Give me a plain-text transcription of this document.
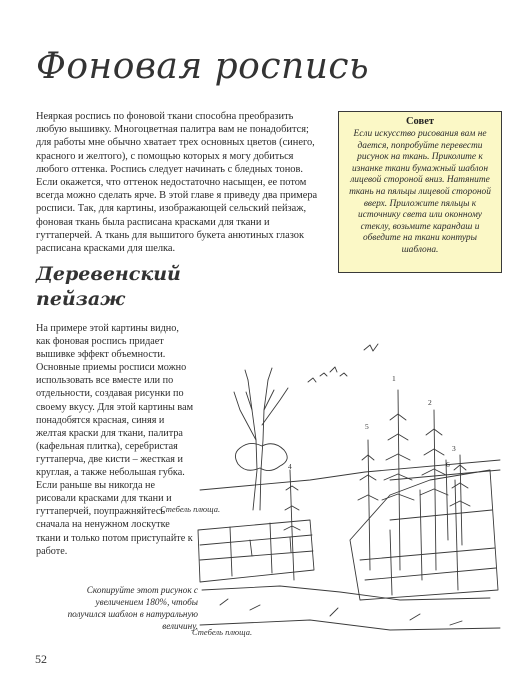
Фоновая роспись

Неяркая роспись по фоновой ткани способна преобразить любую вышивку. Многоцветная палитра вам не понадобится; для работы мне обычно хватает трех основных цветов (синего, красного и желтого), с помощью которых я могу добиться любого оттенка. Роспись следует начинать с бледных тонов. Если окажется, что оттенок недостаточно насыщен, ее потом всегда можно сделать ярче. В этой главе я приведу два примера росписи. Так, для картины, изображающей сельский пейзаж, фоновая ткань была расписана красками для ткани и гуттаперчей. А ткань для вышитого букета анютиных глазок расписана красками для шелка.

Совет

Если искусство рисования вам не дается, попробуйте перевести рисунок на ткань. Приколите к изнанке ткани бумажный шаблон лицевой стороной вниз. Натяните ткань на пяльцы лицевой стороной вверх. Приложите пяльцы к источнику света или оконному стеклу, возьмите карандаш и обведите на ткани контуры шаблона.

Деревенский пейзаж

На примере этой картины видно, как фоновая роспись придает вышивке эффект объемности. Основные приемы росписи можно использовать все вместе или по отдельности, создавая рисунки по своему вкусу. Для этой картины вам понадобятся красная, синяя и желтая краски для ткани, палитра (кафельная плитка), серебристая гуттаперча, две кисти – жесткая и круглая, а также небольшая губка. Если раньше вы никогда не рисовали красками для ткани и гуттаперчей, поупражняйтесь сначала на ненужном лоскутке ткани и только потом приступайте к работе.

Скопируйте этот рисунок с увеличением 180%, чтобы получился шаблон в натуральную величину.

52
1
2
3
4
5
6
Стебель плюща.
Стебель плюща.
